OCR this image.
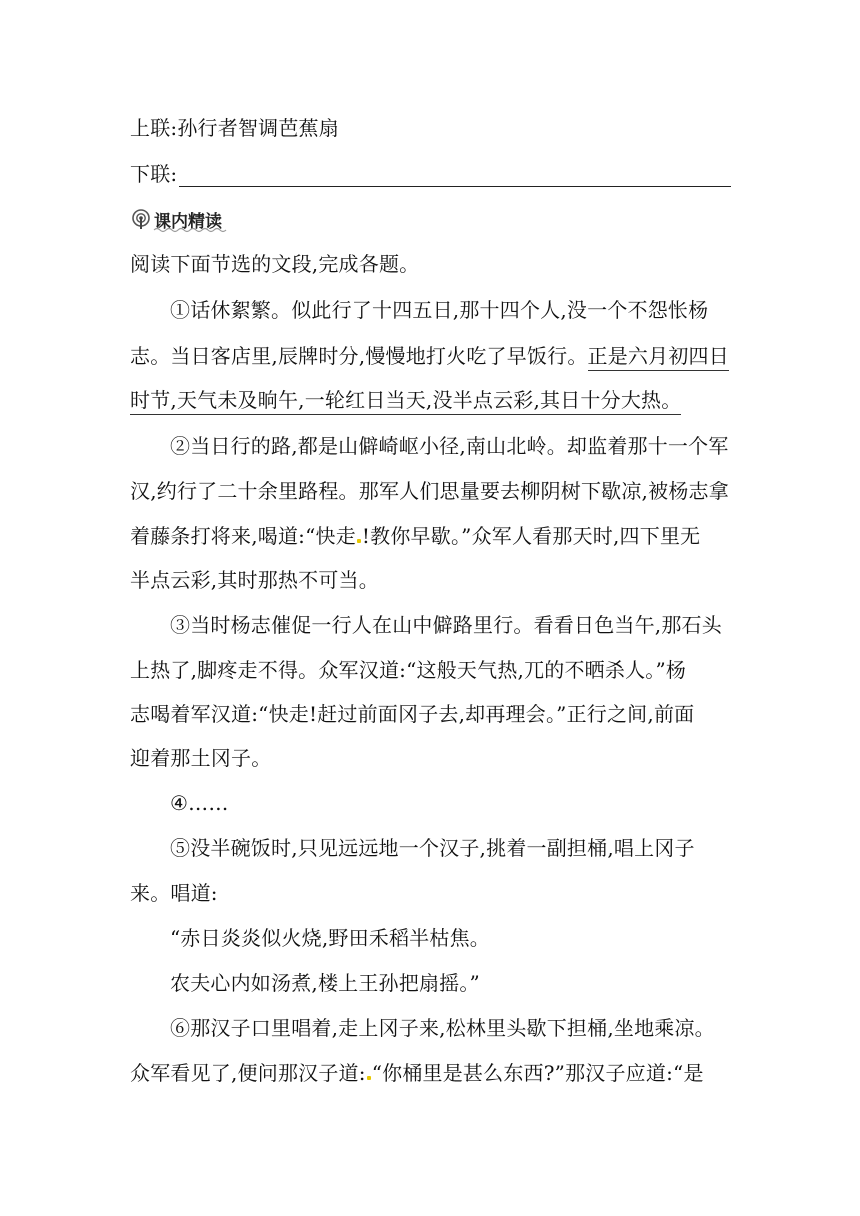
上联:孙行者智调芭蕉扇
下联:
课内精读
阅读下面节选的文段,完成各题。
①话休絮繁。似此行了十四五日,那十四个人,没一个不怨怅杨
志。当日客店里,辰牌时分,慢慢地打火吃了早饭行。正是六月初四日
时节,天气未及晌午,一轮红日当天,没半点云彩,其日十分大热。
②当日行的路,都是山僻崎岖小径,南山北岭。却监着那十一个军
汉,约行了二十余里路程。那军人们思量要去柳阴树下歇凉,被杨志拿
着藤条打将来,喝道:“快走 !教你早歇。”众军人看那天时,四下里无
半点云彩,其时那热不可当。
③当时杨志催促一行人在山中僻路里行。看看日色当午,那石头
上热了,脚疼走不得。众军汉道:“这般天气热,兀的不晒杀人。”杨
志喝着军汉道:“快走!赶过前面冈子去,却再理会。”正行之间,前面
迎着那土冈子。
④……
⑤没半碗饭时,只见远远地一个汉子,挑着一副担桶,唱上冈子
来。唱道:
“赤日炎炎似火烧,野田禾稻半枯焦。
农夫心内如汤煮,楼上王孙把扇摇。”
⑥那汉子口里唱着,走上冈子来,松林里头歇下担桶,坐地乘凉。
众军看见了,便问那汉子道: “你桶里是甚么东西?”那汉子应道:“是
